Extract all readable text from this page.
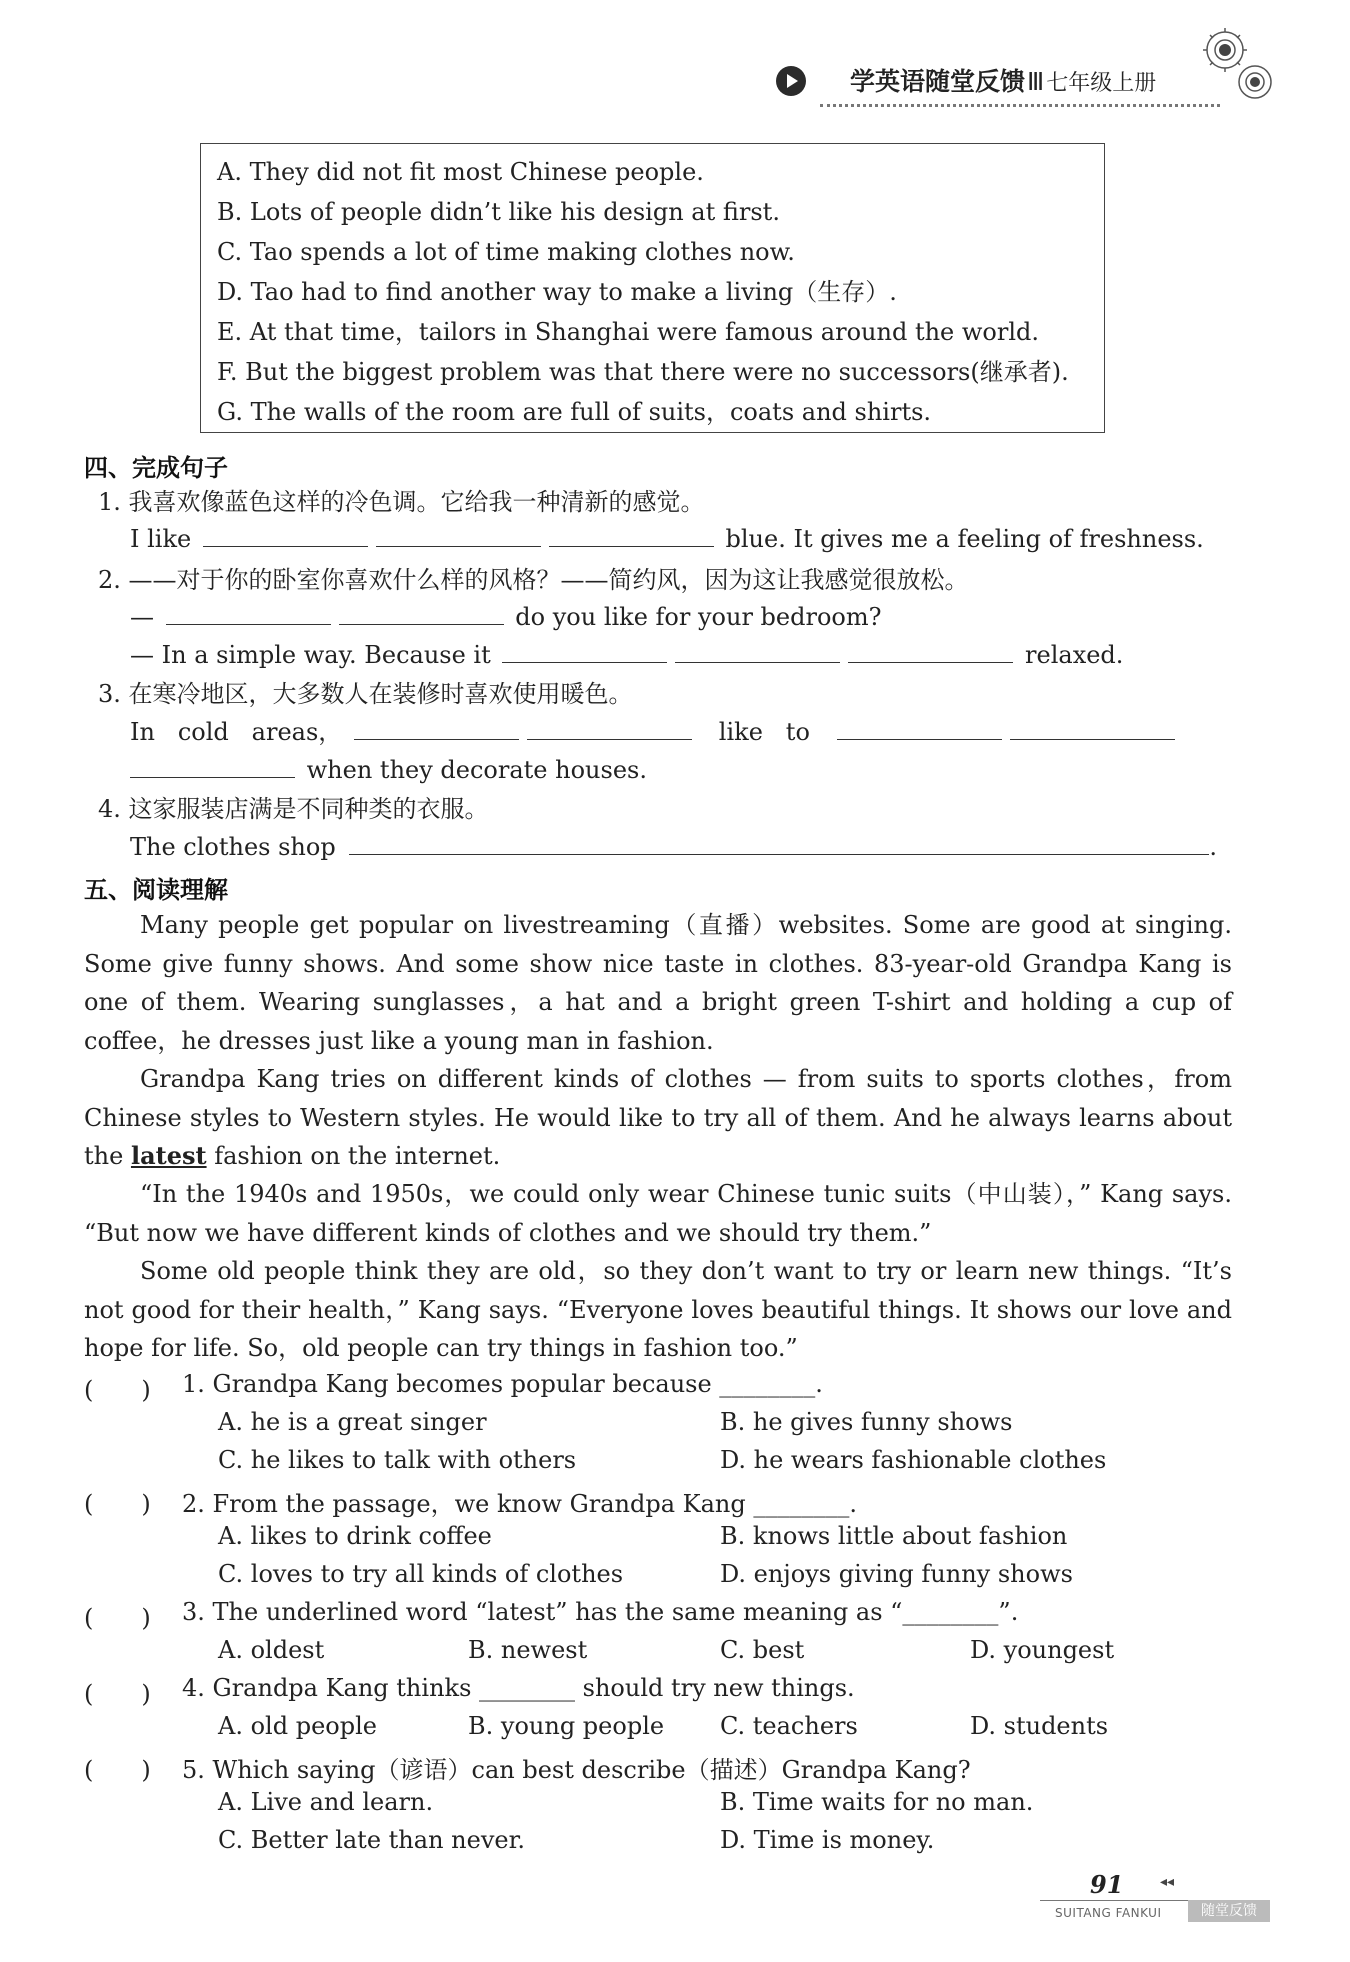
学英语随堂反馈Ⅲ七年级上册
A. They did not fit most Chinese people.
B. Lots of people didn’t like his design at first.
C. Tao spends a lot of time making clothes now.
D. Tao had to find another way to make a living（生存）.
E. At that time，tailors in Shanghai were famous around the world.
F. But the biggest problem was that there were no successors(继承者).
G. The walls of the room are full of suits，coats and shirts.
四、完成句子
1. 我喜欢像蓝色这样的冷色调。它给我一种清新的感觉。
I like	blue. It gives me a feeling of freshness.
2. ——对于你的卧室你喜欢什么样的风格？——简约风，因为这让我感觉很放松。
—	do you like for your bedroom?
— In a simple way. Because it	relaxed.
3. 在寒冷地区，大多数人在装修时喜欢使用暖色。
In cold areas，	like to
when they decorate houses.
4. 这家服装店满是不同种类的衣服。
The clothes shop	.
五、阅读理解
Many people get popular on livestreaming（直播）websites. Some are good at singing. Some give funny shows. And some show nice taste in clothes. 83-year-old Grandpa Kang is one of them. Wearing sunglasses，a hat and a bright green T-shirt and holding a cup of coffee，he dresses just like a young man in fashion.
Grandpa Kang tries on different kinds of clothes — from suits to sports clothes，from Chinese styles to Western styles. He would like to try all of them. And he always learns about the latest fashion on the internet.
“In the 1940s and 1950s，we could only wear Chinese tunic suits（中山装），” Kang says. “But now we have different kinds of clothes and we should try them.”
Some old people think they are old，so they don’t want to try or learn new things. “It’s not good for their health，” Kang says. “Everyone loves beautiful things. It shows our love and hope for life. So，old people can try things in fashion too.”
(　　) 1. Grandpa Kang becomes popular because ________.
A. he is a great singer	B. he gives funny shows
C. he likes to talk with others	D. he wears fashionable clothes
(　　) 2. From the passage，we know Grandpa Kang ________.
A. likes to drink coffee	B. knows little about fashion
C. loves to try all kinds of clothes	D. enjoys giving funny shows
(　　) 3. The underlined word “latest” has the same meaning as “________”.
A. oldest	B. newest	C. best	D. youngest
(　　) 4. Grandpa Kang thinks ________ should try new things.
A. old people	B. young people C. teachers	D. students
(　　) 5. Which saying（谚语）can best describe（描述）Grandpa Kang?
A. Live and learn.	B. Time waits for no man.
C. Better late than never.	D. Time is money.
91	◂◂
SUITANG FANKUI	随堂反馈
